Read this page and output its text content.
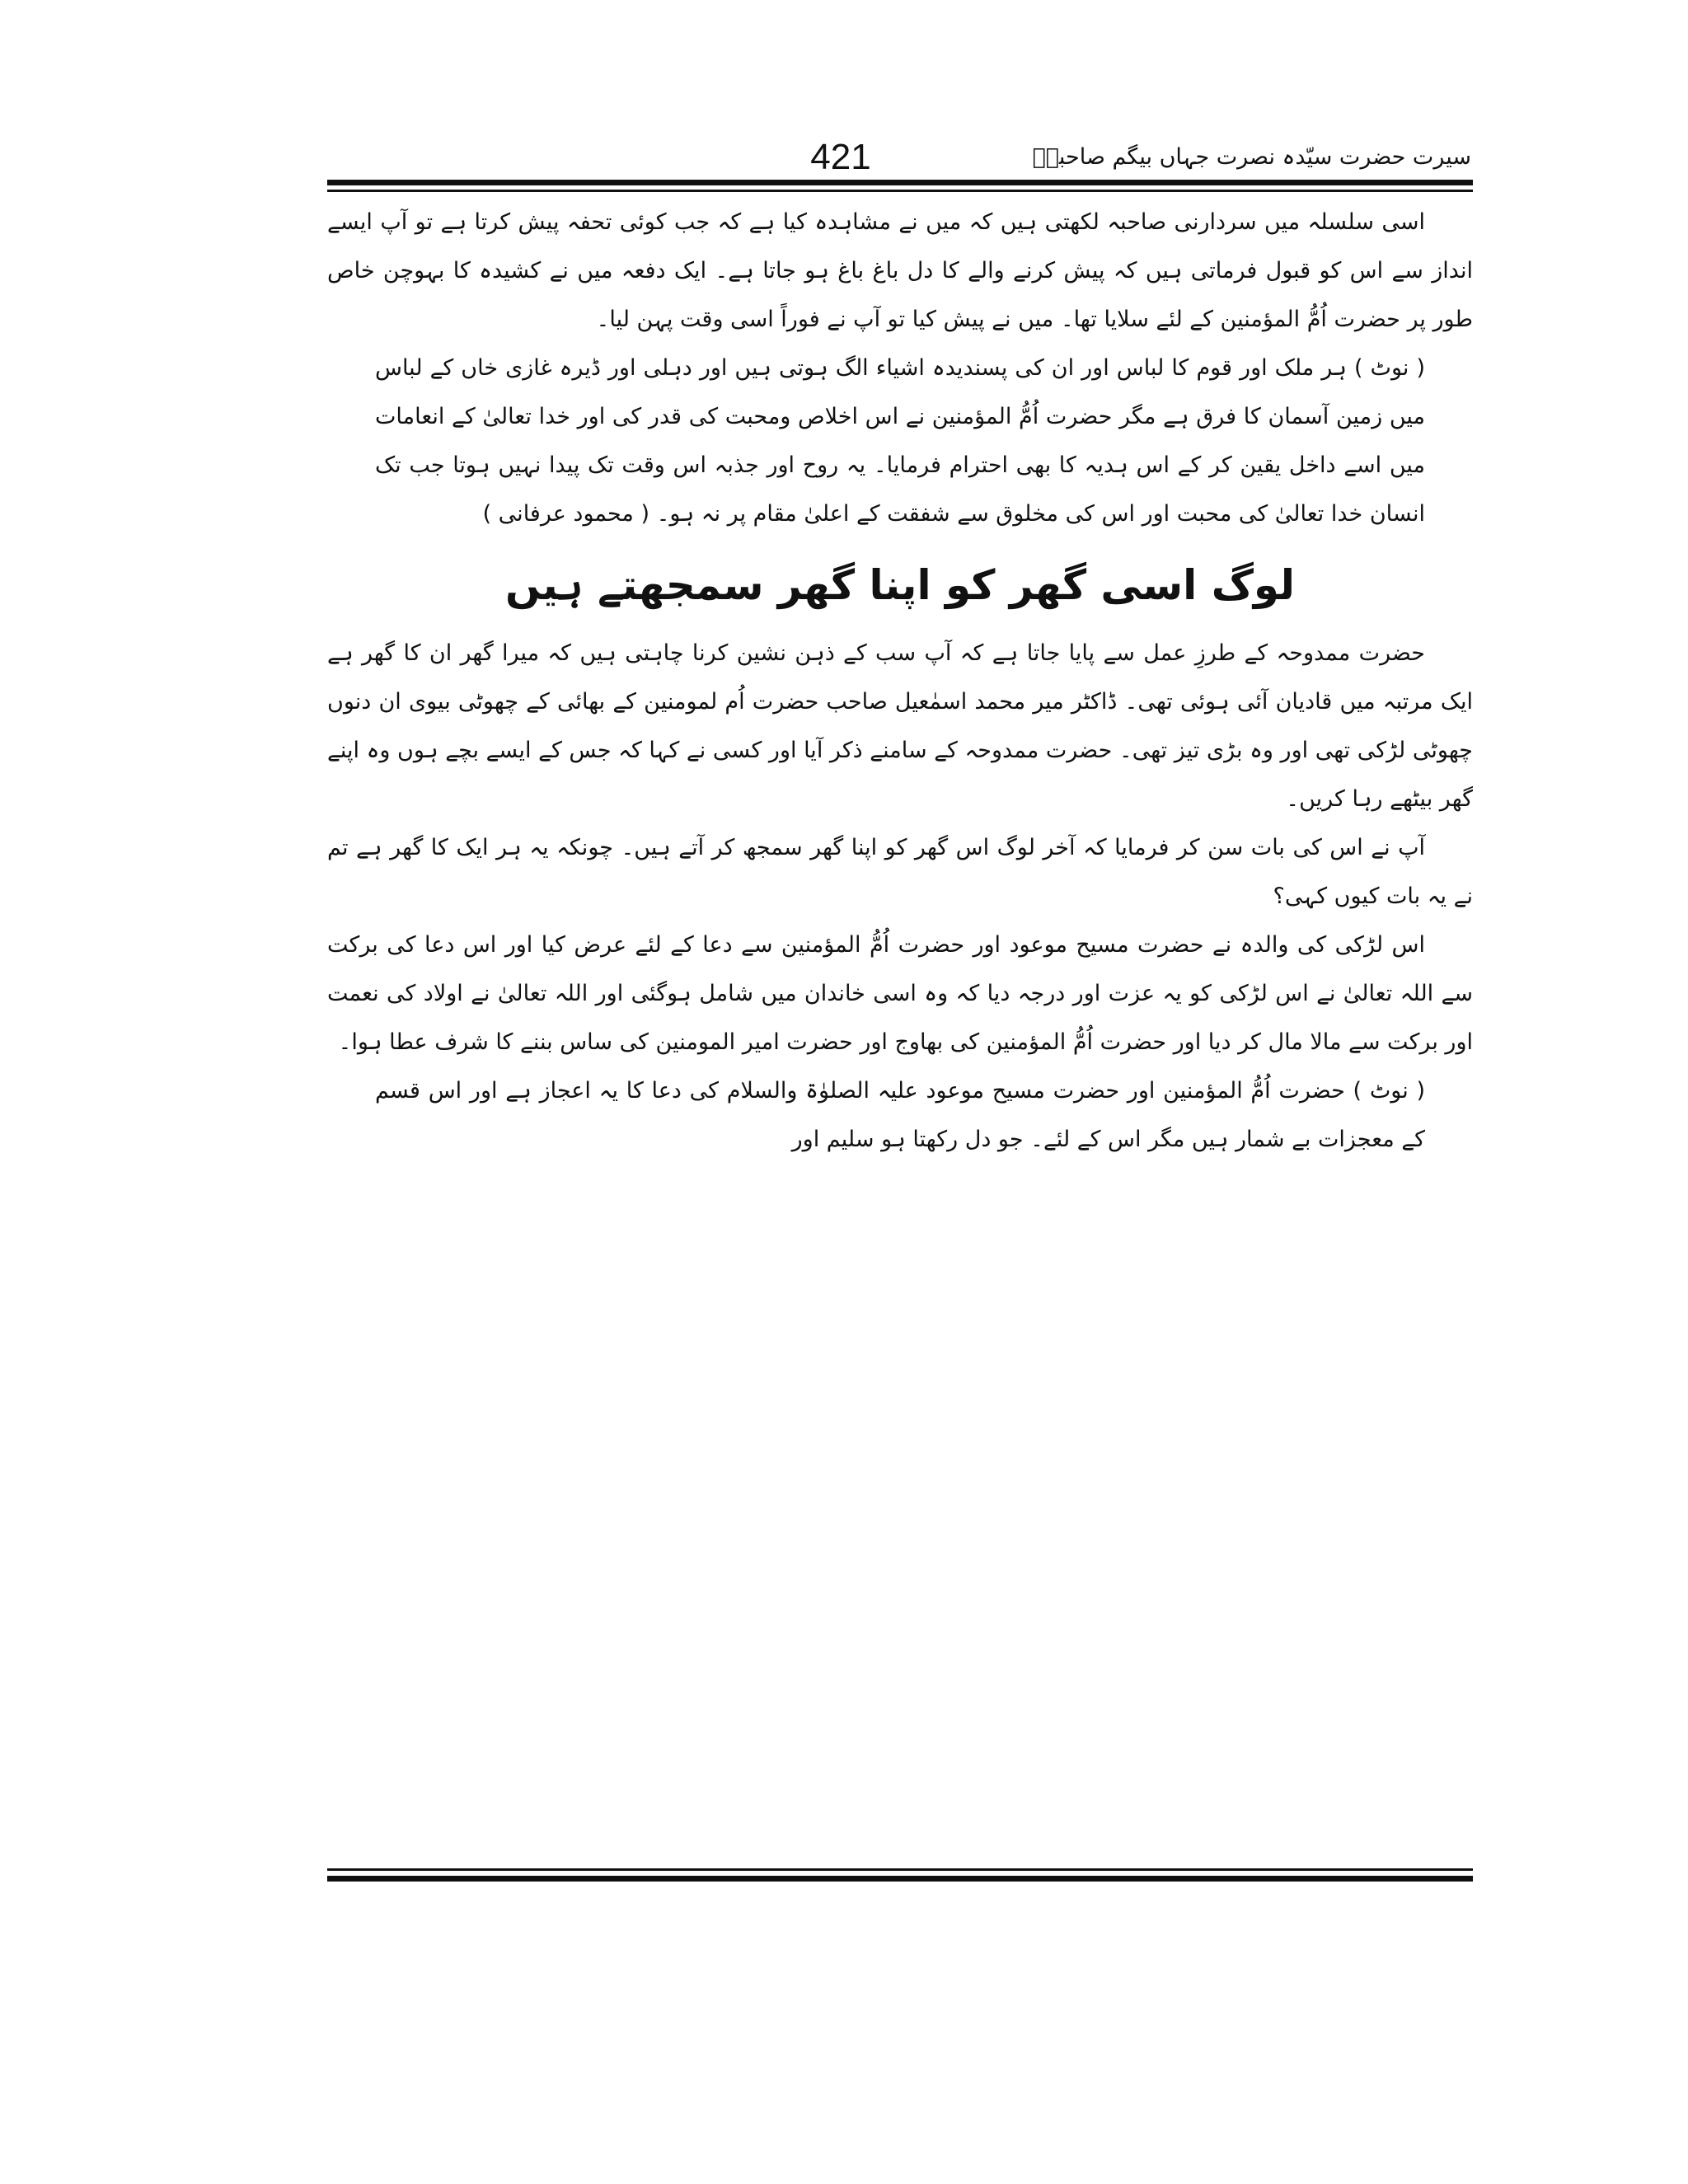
421	سیرت حضرت سیّدہ نصرت جہاں بیگم صاحبہؓ

اسی سلسلہ میں سردارنی صاحبہ لکھتی ہیں کہ میں نے مشاہدہ کیا ہے کہ جب کوئی تحفہ پیش کرتا ہے تو آپ ایسے انداز سے اس کو قبول فرماتی ہیں کہ پیش کرنے والے کا دل باغ باغ ہو جاتا ہے۔ ایک دفعہ میں نے کشیدہ کا بہوچن خاص طور پر حضرت اُمُّ المؤمنین کے لئے سلایا تھا۔ میں نے پیش کیا تو آپ نے فوراً اسی وقت پہن لیا۔

( نوٹ ) ہر ملک اور قوم کا لباس اور ان کی پسندیدہ اشیاء الگ ہوتی ہیں اور دہلی اور ڈیرہ غازی خاں کے لباس میں زمین آسمان کا فرق ہے مگر حضرت اُمُّ المؤمنین نے اس اخلاص ومحبت کی قدر کی اور خدا تعالیٰ کے انعامات میں اسے داخل یقین کر کے اس ہدیہ کا بھی احترام فرمایا۔ یہ روح اور جذبہ اس وقت تک پیدا نہیں ہوتا جب تک انسان خدا تعالیٰ کی محبت اور اس کی مخلوق سے شفقت کے اعلیٰ مقام پر نہ ہو۔ ( محمود عرفانی )

لوگ اسی گھر کو اپنا گھر سمجھتے ہیں

حضرت ممدوحہ کے طرزِ عمل سے پایا جاتا ہے کہ آپ سب کے ذہن نشین کرنا چاہتی ہیں کہ میرا گھر ان کا گھر ہے ایک مرتبہ میں قادیان آئی ہوئی تھی۔ ڈاکٹر میر محمد اسمٰعیل صاحب حضرت اُم لمومنین کے بھائی کے چھوٹی بیوی ان دنوں چھوٹی لڑکی تھی اور وہ بڑی تیز تھی۔ حضرت ممدوحہ کے سامنے ذکر آیا اور کسی نے کہا کہ جس کے ایسے بچے ہوں وہ اپنے گھر بیٹھے رہا کریں۔

آپ نے اس کی بات سن کر فرمایا کہ آخر لوگ اس گھر کو اپنا گھر سمجھ کر آتے ہیں۔ چونکہ یہ ہر ایک کا گھر ہے تم نے یہ بات کیوں کہی؟

اس لڑکی کی والدہ نے حضرت مسیح موعود اور حضرت اُمُّ المؤمنین سے دعا کے لئے عرض کیا اور اس دعا کی برکت سے اللہ تعالیٰ نے اس لڑکی کو یہ عزت اور درجہ دیا کہ وہ اسی خاندان میں شامل ہوگئی اور اللہ تعالیٰ نے اولاد کی نعمت اور برکت سے مالا مال کر دیا اور حضرت اُمُّ المؤمنین کی بھاوج اور حضرت امیر المومنین کی ساس بننے کا شرف عطا ہوا۔

( نوٹ ) حضرت اُمُّ المؤمنین اور حضرت مسیح موعود علیہ الصلوٰۃ والسلام کی دعا کا یہ اعجاز ہے اور اس قسم کے معجزات بے شمار ہیں مگر اس کے لئے۔ جو دل رکھتا ہو سلیم اور
